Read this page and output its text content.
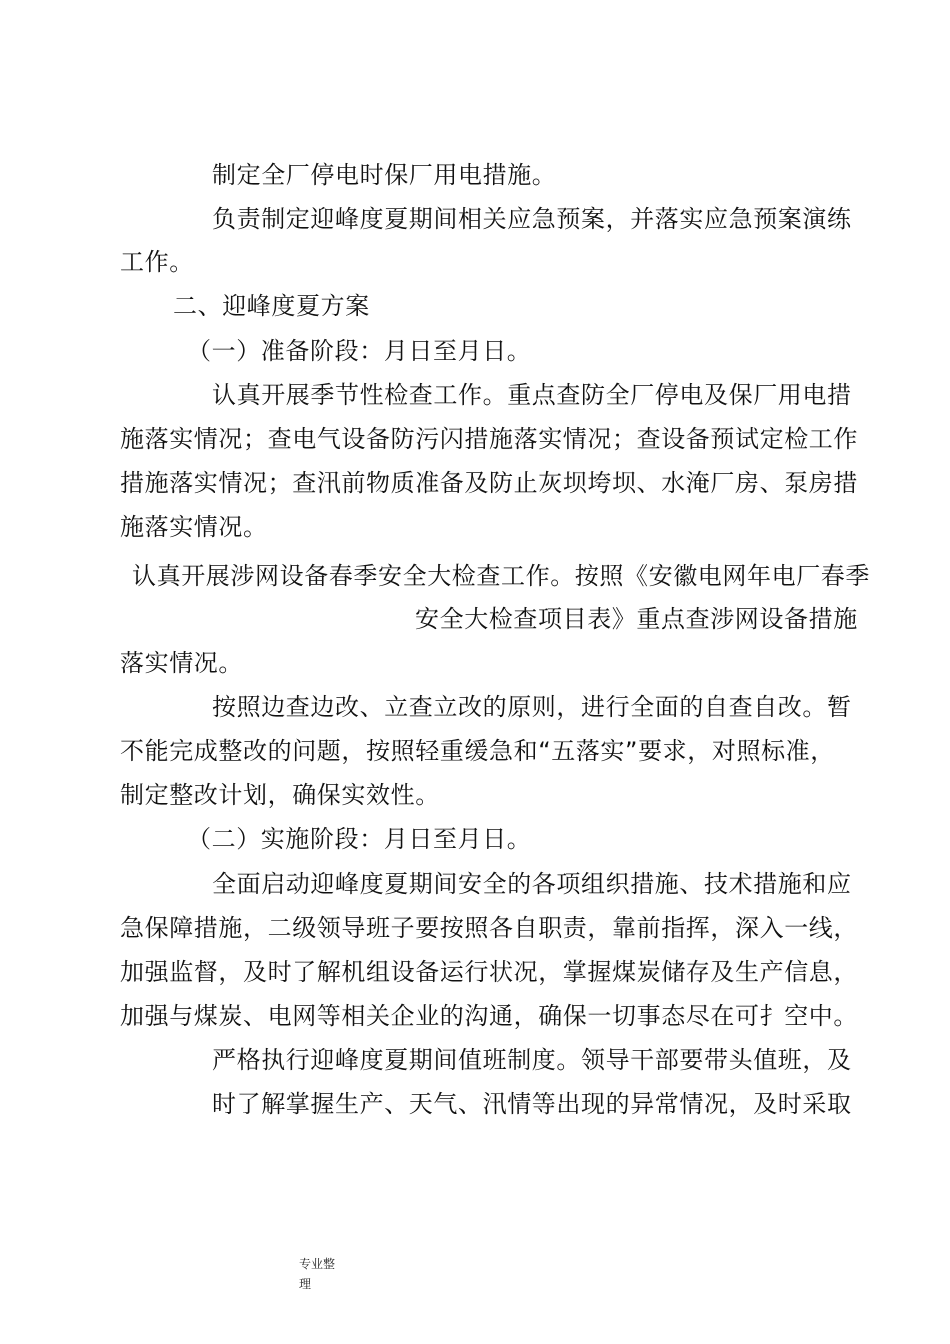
制定全厂停电时保厂用电措施。
负责制定迎峰度夏期间相关应急预案，并落实应急预案演练
工作。
二、迎峰度夏方案
（一）准备阶段：月日至月日。
认真开展季节性检查工作。重点查防全厂停电及保厂用电措
施落实情况；查电气设备防污闪措施落实情况；查设备预试定检工作
措施落实情况；查汛前物质准备及防止灰坝垮坝、水淹厂房、泵房措
施落实情况。
认真开展涉网设备春季安全大检查工作。按照《安徽电网年电厂春季
安全大检查项目表》重点查涉网设备措施
落实情况。
按照边查边改、立查立改的原则，进行全面的自查自改。暂
不能完成整改的问题，按照轻重缓急和“五落实”要求，对照标准，
制定整改计划，确保实效性。
（二）实施阶段：月日至月日。
全面启动迎峰度夏期间安全的各项组织措施、技术措施和应
急保障措施，二级领导班子要按照各自职责，靠前指挥，深入一线，
加强监督，及时了解机组设备运行状况，掌握煤炭储存及生产信息，
加强与煤炭、电网等相关企业的沟通，确保一切事态尽在可扌空中。
严格执行迎峰度夏期间值班制度。领导干部要带头值班，及
时了解掌握生产、天气、汛情等出现的异常情况，及时采取
专业整
理
